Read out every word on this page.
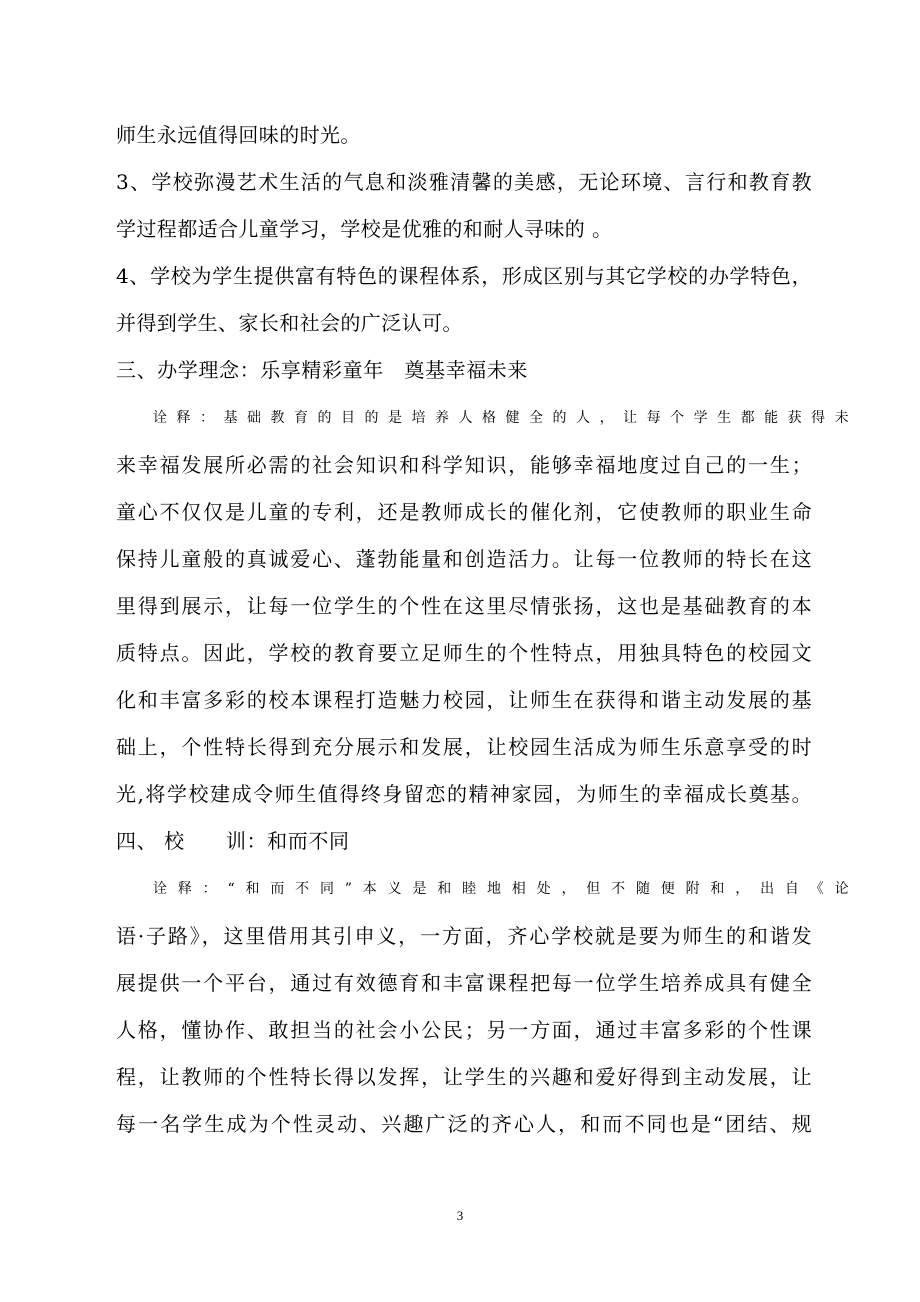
师生永远值得回味的时光。
3、学校弥漫艺术生活的气息和淡雅清馨的美感，无论环境、言行和教育教
学过程都适合儿童学习，学校是优雅的和耐人寻味的 。
4、学校为学生提供富有特色的课程体系，形成区别与其它学校的办学特色，
并得到学生、家长和社会的广泛认可。
三、办学理念：乐享精彩童年　奠基幸福未来
诠释：基础教育的目的是培养人格健全的人，让每个学生都能获得未
来幸福发展所必需的社会知识和科学知识，能够幸福地度过自己的一生；
童心不仅仅是儿童的专利，还是教师成长的催化剂，它使教师的职业生命
保持儿童般的真诚爱心、蓬勃能量和创造活力。让每一位教师的特长在这
里得到展示，让每一位学生的个性在这里尽情张扬，这也是基础教育的本
质特点。因此，学校的教育要立足师生的个性特点，用独具特色的校园文
化和丰富多彩的校本课程打造魅力校园，让师生在获得和谐主动发展的基
础上，个性特长得到充分展示和发展，让校园生活成为师生乐意享受的时
光,将学校建成令师生值得终身留恋的精神家园，为师生的幸福成长奠基。
四、 校　　训：和而不同
诠释：“和而不同”本义是和睦地相处，但不随便附和，出自《论
语·子路》，这里借用其引申义，一方面，齐心学校就是要为师生的和谐发
展提供一个平台，通过有效德育和丰富课程把每一位学生培养成具有健全
人格，懂协作、敢担当的社会小公民；另一方面，通过丰富多彩的个性课
程，让教师的个性特长得以发挥，让学生的兴趣和爱好得到主动发展，让
每一名学生成为个性灵动、兴趣广泛的齐心人，和而不同也是“团结、规
3
